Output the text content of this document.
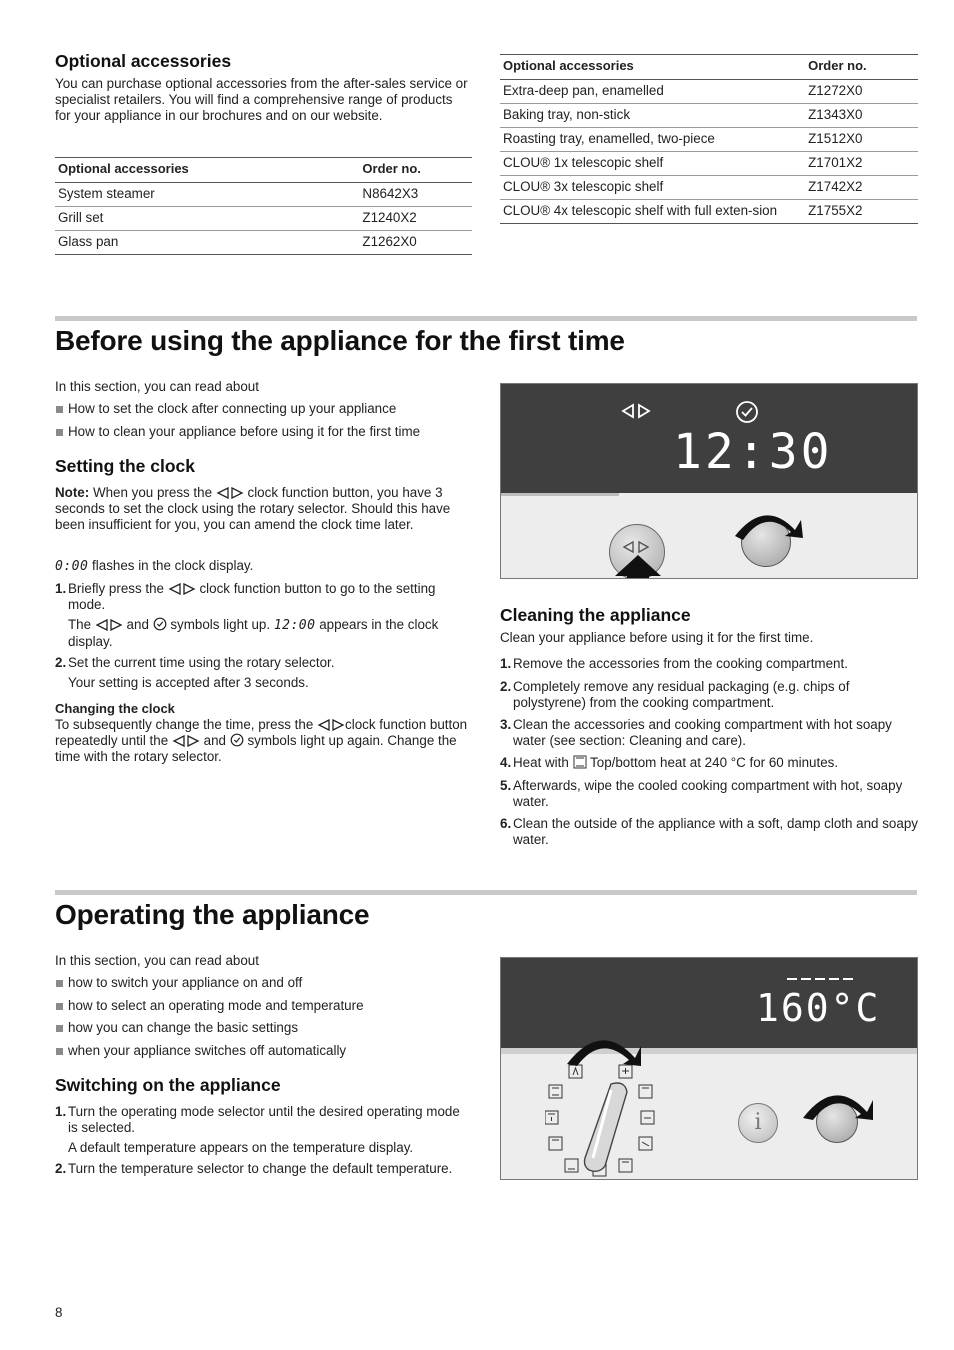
Optional accessories

You can purchase optional accessories from the after-sales service or specialist retailers. You will find a comprehensive range of products for your appliance in our brochures and on our website.

Optional accessories	Order no.
System steamer	N8642X3
Grill set	Z1240X2
Glass pan	Z1262X0
Optional accessories	Order no.
Extra-deep pan, enamelled	Z1272X0
Baking tray, non-stick	Z1343X0
Roasting tray, enamelled, two-piece	Z1512X0
CLOU® 1x telescopic shelf	Z1701X2
CLOU® 3x telescopic shelf	Z1742X2
CLOU® 4x telescopic shelf with full exten-sion	Z1755X2
Before using the appliance for the first time

In this section, you can read about

How to set the clock after connecting up your appliance
How to clean your appliance before using it for the first time
Setting the clock

Note: When you press the	clock function button, you have 3 seconds to set the clock using the rotary selector. Should this have been insufficient for you, you can amend the clock time later.

0:00 flashes in the clock display.

1. Briefly press the	clock function button to go to the setting mode.
The	and symbols light up. 12:00 appears in the clock display.
2. Set the current time using the rotary selector.
Your setting is accepted after 3 seconds.

Changing the clock

To subsequently change the time, press the clock function button repeatedly until the	and symbols light up again. Change the time with the rotary selector.

12:30
Cleaning the appliance

Clean your appliance before using it for the first time.

1. Remove the accessories from the cooking compartment.
2. Completely remove any residual packaging (e.g. chips of polystyrene) from the cooking compartment.
3. Clean the accessories and cooking compartment with hot soapy water (see section: Cleaning and care).
4. Heat with Top/bottom heat at 240 °C for 60 minutes.
5. Afterwards, wipe the cooled cooking compartment with hot, soapy water.
6. Clean the outside of the appliance with a soft, damp cloth and soapy water.
Operating the appliance

In this section, you can read about

how to switch your appliance on and off
how to select an operating mode and temperature
how you can change the basic settings
when your appliance switches off automatically
Switching on the appliance
1. Turn the operating mode selector until the desired operating mode is selected.
A default temperature appears on the temperature display.
2. Turn the temperature selector to change the default temperature.
160°C
i
8
